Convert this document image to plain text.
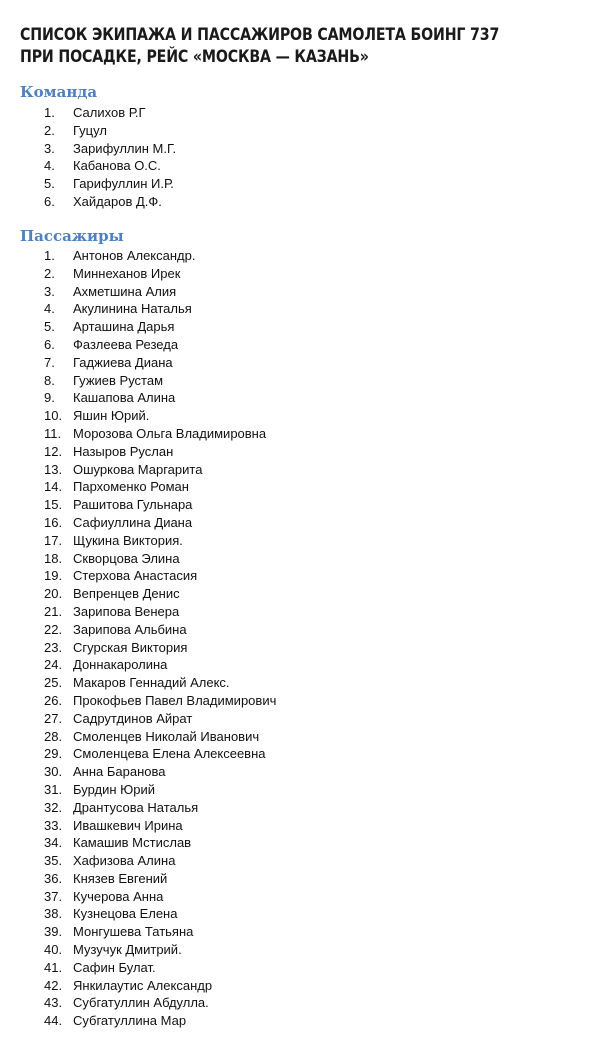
СПИСОК ЭКИПАЖА И ПАССАЖИРОВ САМОЛЕТА БОИНГ 737
ПРИ ПОСАДКЕ, РЕЙС «МОСКВА — КАЗАНЬ»
Команда
1.	Салихов Р.Г
2.	Гуцул
3.	Зарифуллин М.Г.
4.	Кабанова О.С.
5.	Гарифуллин И.Р.
6.	Хайдаров Д.Ф.
Пассажиры
1.	Антонов Александр.
2.	Миннеханов Ирек
3.	Ахметшина Алия
4.	Акулинина Наталья
5.	Арташина Дарья
6.	Фазлеева Резеда
7.	Гаджиева Диана
8.	Гужиев Рустам
9.	Кашапова Алина
10. Яшин Юрий.
11. Морозова Ольга Владимировна
12. Назыров Руслан
13. Ошуркова Маргарита
14. Пархоменко Роман
15. Рашитова Гульнара
16. Сафиуллина Диана
17. Щукина Виктория.
18. Скворцова Элина
19. Стерхова Анастасия
20. Вепренцев Денис
21. Зарипова Венера
22. Зарипова Альбина
23. Сгурская Виктория
24. Доннакаролина
25. Макаров Геннадий Алекс.
26. Прокофьев Павел Владимирович
27. Садрутдинов Айрат
28. Смоленцев Николай Иванович
29. Смоленцева Елена Алексеевна
30. Анна Баранова
31. Бурдин Юрий
32. Дрантусова Наталья
33. Ивашкевич Ирина
34. Камашив Мстислав
35. Хафизова Алина
36. Князев Евгений
37. Кучерова Анна
38. Кузнецова Елена
39. Монгушева Татьяна
40. Музучук Дмитрий.
41. Сафин Булат.
42. Янкилаутис Александр
43. Субгатуллин Абдулла.
44. Субгатуллина Мар
